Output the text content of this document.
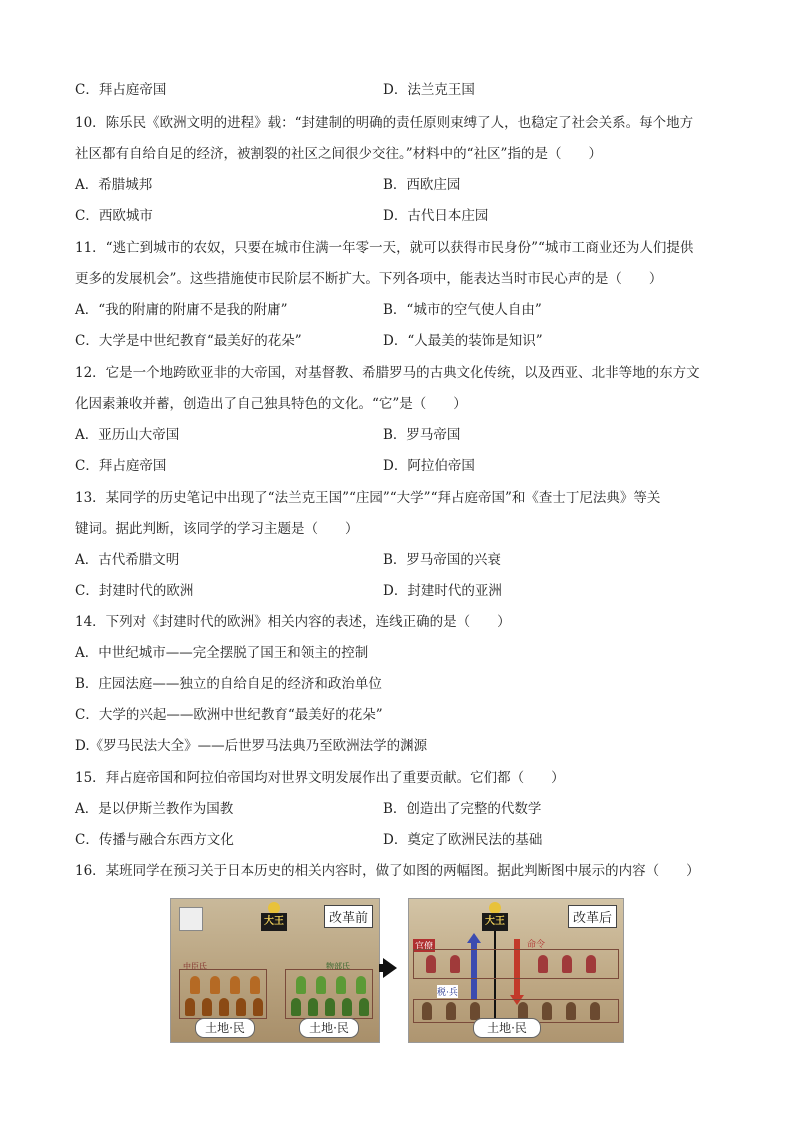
C．拜占庭帝国	D．法兰克王国
10．陈乐民《欧洲文明的进程》载：“封建制的明确的责任原则束缚了人，也稳定了社会关系。每个地方
社区都有自给自足的经济，被割裂的社区之间很少交往。”材料中的“社区”指的是（　　）
A．希腊城邦	B．西欧庄园
C．西欧城市	D．古代日本庄园
11．“逃亡到城市的农奴，只要在城市住满一年零一天，就可以获得市民身份”“城市工商业还为人们提供
更多的发展机会”。这些措施使市民阶层不断扩大。下列各项中，能表达当时市民心声的是（　　）
A．“我的附庸的附庸不是我的附庸”	B．“城市的空气使人自由”
C．大学是中世纪教育“最美好的花朵”	D．“人最美的装饰是知识”
12．它是一个地跨欧亚非的大帝国，对基督教、希腊罗马的古典文化传统，以及西亚、北非等地的东方文
化因素兼收并蓄，创造出了自己独具特色的文化。“它”是（　　）
A．亚历山大帝国	B．罗马帝国
C．拜占庭帝国	D．阿拉伯帝国
13．某同学的历史笔记中出现了“法兰克王国”“庄园”“大学”“拜占庭帝国”和《查士丁尼法典》等关
键词。据此判断，该同学的学习主题是（　　）
A．古代希腊文明	B．罗马帝国的兴衰
C．封建时代的欧洲	D．封建时代的亚洲
14．下列对《封建时代的欧洲》相关内容的表述，连线正确的是（　　）
A．中世纪城市——完全摆脱了国王和领主的控制
B．庄园法庭——独立的自给自足的经济和政治单位
C．大学的兴起——欧洲中世纪教育“最美好的花朵”
D.《罗马民法大全》——后世罗马法典乃至欧洲法学的渊源
15．拜占庭帝国和阿拉伯帝国均对世界文明发展作出了重要贡献。它们都（　　）
A．是以伊斯兰教作为国教	B．创造出了完整的代数学
C．传播与融合东西方文化	D．奠定了欧洲民法的基础
16．某班同学在预习关于日本历史的相关内容时，做了如图的两幅图。据此判断图中展示的内容（　　）
改革前
大王
中臣氏	物部氏
土地·民	土地·民
改革后
大王
官僚	命令
税·兵
土地·民
